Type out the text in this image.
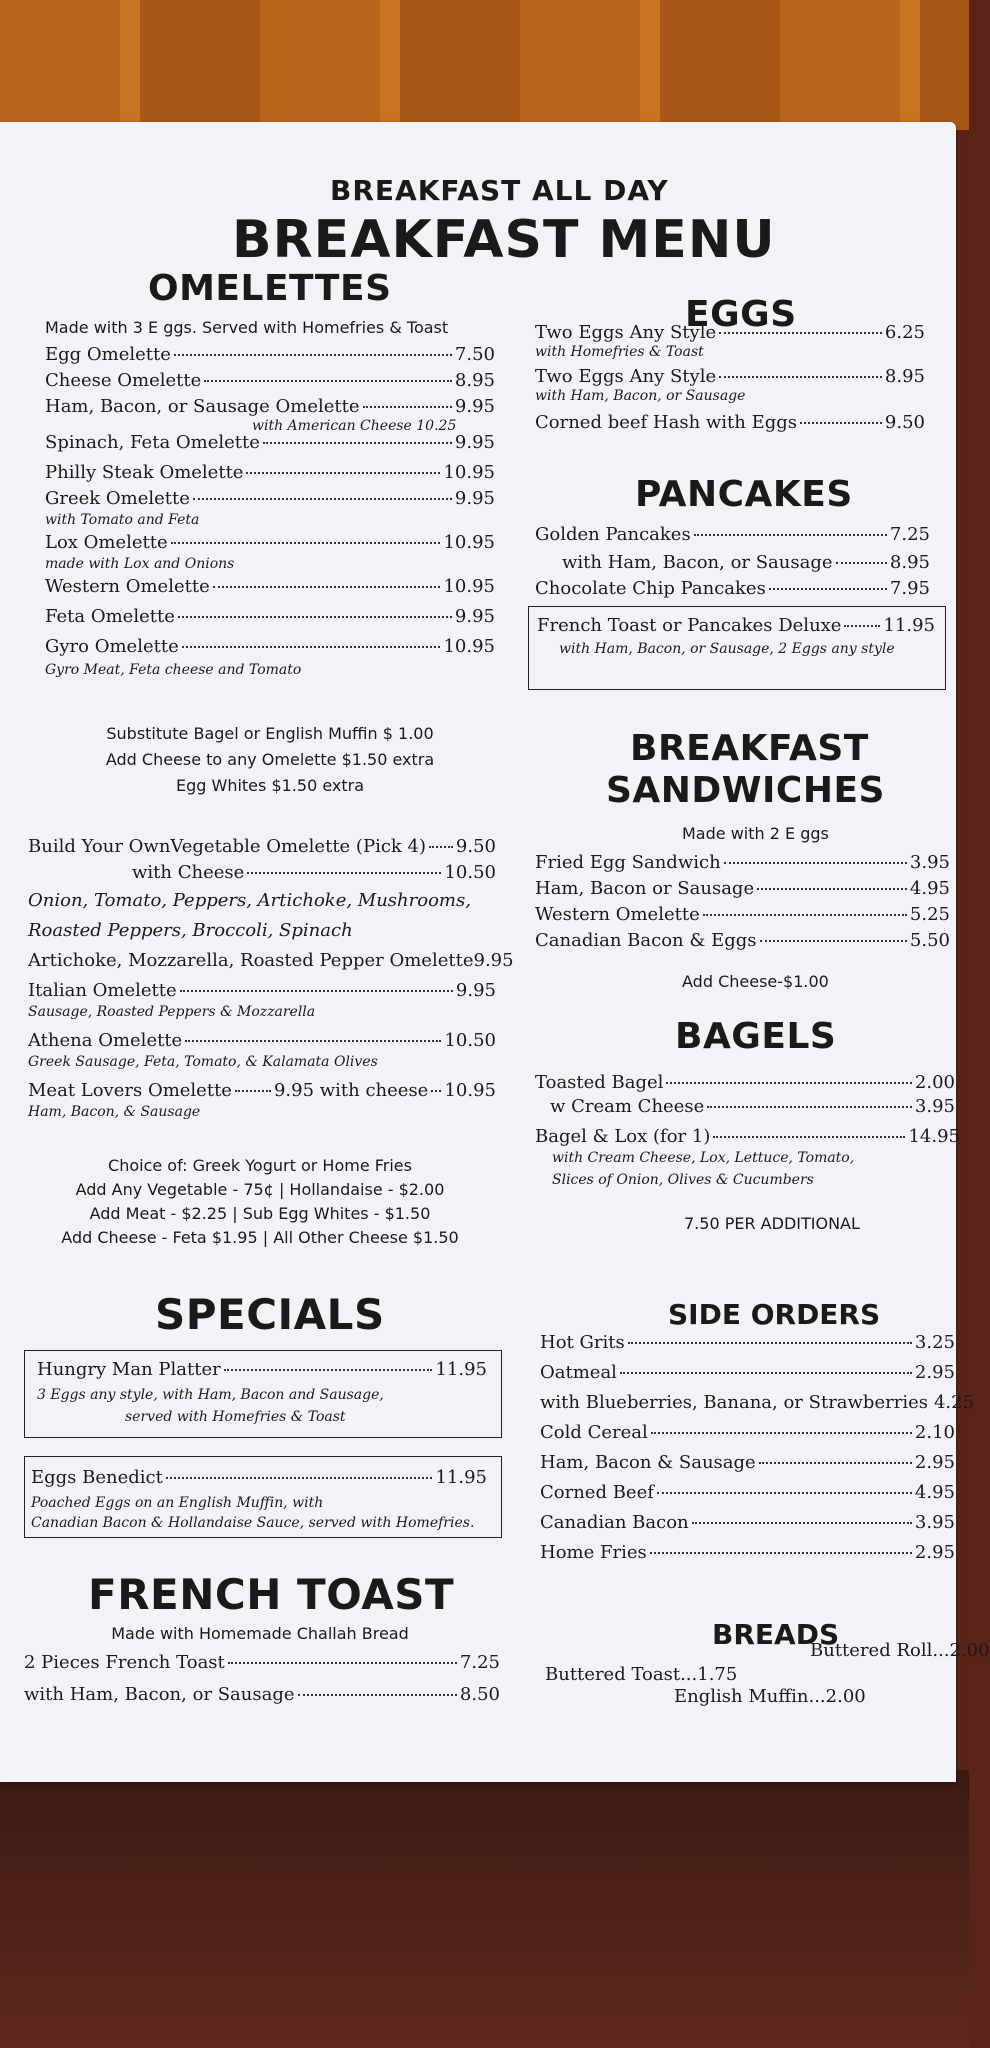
BREAKFAST ALL DAY
BREAKFAST MENU
OMELETTES
Made with 3 E ggs. Served with Homefries & Toast
Egg Omelette	7.50
Cheese Omelette	8.95
Ham, Bacon, or Sausage Omelette	9.95
with American Cheese 10.25
Spinach, Feta Omelette	9.95
Philly Steak Omelette	10.95
Greek Omelette	9.95
with Tomato and Feta
Lox Omelette	10.95
made with Lox and Onions
Western Omelette	10.95
Feta Omelette	9.95
Gyro Omelette	10.95
Gyro Meat, Feta cheese and Tomato
Substitute Bagel or English Muffin $ 1.00
Add Cheese to any Omelette $1.50 extra
Egg Whites $1.50 extra
Build Your OwnVegetable Omelette (Pick 4) 9.50
with Cheese	10.50
Onion, Tomato, Peppers, Artichoke, Mushrooms,
Roasted Peppers, Broccoli, Spinach
Artichoke, Mozzarella, Roasted Pepper Omelette9.95
Italian Omelette	9.95
Sausage, Roasted Peppers & Mozzarella
Athena Omelette	10.50
Greek Sausage, Feta, Tomato, & Kalamata Olives
Meat Lovers Omelette 9.95 with cheese 10.95
Ham, Bacon, & Sausage
Choice of: Greek Yogurt or Home Fries
Add Any Vegetable - 75¢ | Hollandaise - $2.00
Add Meat - $2.25 | Sub Egg Whites - $1.50
Add Cheese - Feta $1.95 | All Other Cheese $1.50
SPECIALS
Hungry Man Platter	11.95
3 Eggs any style, with Ham, Bacon and Sausage,
served with Homefries & Toast
Eggs Benedict	11.95
Poached Eggs on an English Muffin, with
Canadian Bacon & Hollandaise Sauce, served with Homefries.
FRENCH TOAST
Made with Homemade Challah Bread
2 Pieces French Toast	7.25
with Ham, Bacon, or Sausage	8.50
EGGS
Two Eggs Any Style	6.25
with Homefries & Toast
Two Eggs Any Style	8.95
with Ham, Bacon, or Sausage
Corned beef Hash with Eggs	9.50
PANCAKES
Golden Pancakes	7.25
with Ham, Bacon, or Sausage	8.95
Chocolate Chip Pancakes	7.95
French Toast or Pancakes Deluxe 11.95
with Ham, Bacon, or Sausage, 2 Eggs any style
BREAKFAST
SANDWICHES
Made with 2 E ggs
Fried Egg Sandwich	3.95
Ham, Bacon or Sausage	4.95
Western Omelette	5.25
Canadian Bacon & Eggs	5.50
Add Cheese-$1.00
BAGELS
Toasted Bagel	2.00
w Cream Cheese	3.95
Bagel & Lox (for 1)	14.95
with Cream Cheese, Lox, Lettuce, Tomato,
Slices of Onion, Olives & Cucumbers
7.50 PER ADDITIONAL
SIDE ORDERS
Hot Grits	3.25
Oatmeal	2.95
with Blueberries, Banana, or Strawberries 4.25
Cold Cereal	2.10
Ham, Bacon & Sausage	2.95
Corned Beef	4.95
Canadian Bacon	3.95
Home Fries	2.95
BREADS
Buttered Toast...1.75
Buttered Roll...2.00
English Muffin...2.00
